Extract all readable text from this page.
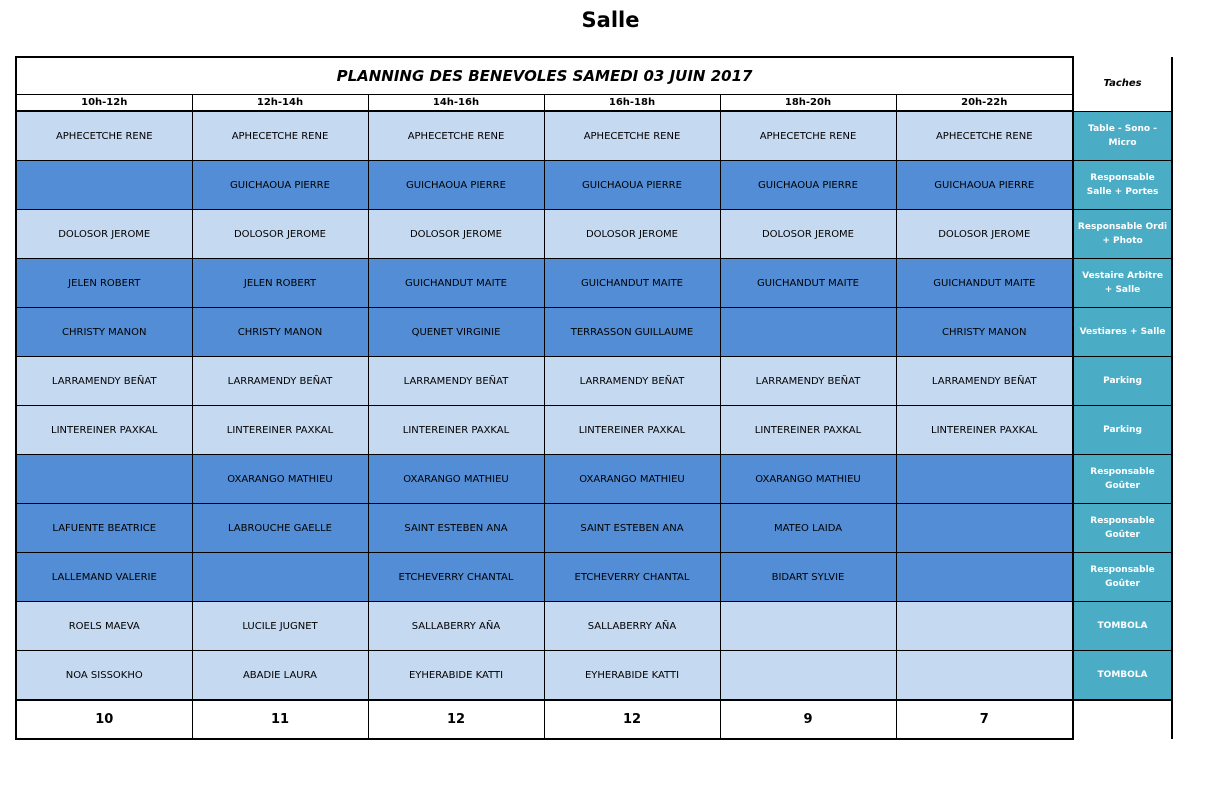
Salle
PLANNING DES BENEVOLES SAMEDI 03 JUIN 2017						Taches
10h-12h	12h-14h	14h-16h	16h-18h	18h-20h	20h-22h	
APHECETCHE RENE	APHECETCHE RENE	APHECETCHE RENE	APHECETCHE RENE	APHECETCHE RENE	APHECETCHE RENE	Table - Sono - Micro
	GUICHAOUA PIERRE	GUICHAOUA PIERRE	GUICHAOUA PIERRE	GUICHAOUA PIERRE	GUICHAOUA PIERRE	Responsable Salle + Portes
DOLOSOR JEROME	DOLOSOR JEROME	DOLOSOR JEROME	DOLOSOR JEROME	DOLOSOR JEROME	DOLOSOR JEROME	Responsable Ordi + Photo
JELEN ROBERT	JELEN ROBERT	GUICHANDUT MAITE	GUICHANDUT MAITE	GUICHANDUT MAITE	GUICHANDUT MAITE	Vestaire Arbitre + Salle
CHRISTY MANON	CHRISTY MANON	QUENET VIRGINIE	TERRASSON GUILLAUME		CHRISTY MANON	Vestiares + Salle
LARRAMENDY BEÑAT	LARRAMENDY BEÑAT	LARRAMENDY BEÑAT	LARRAMENDY BEÑAT	LARRAMENDY BEÑAT	LARRAMENDY BEÑAT	Parking
LINTEREINER PAXKAL	LINTEREINER PAXKAL	LINTEREINER PAXKAL	LINTEREINER PAXKAL	LINTEREINER PAXKAL	LINTEREINER PAXKAL	Parking
	OXARANGO MATHIEU	OXARANGO MATHIEU	OXARANGO MATHIEU	OXARANGO MATHIEU		Responsable Goûter
LAFUENTE BEATRICE	LABROUCHE GAELLE	SAINT ESTEBEN ANA	SAINT ESTEBEN ANA	MATEO LAIDA		Responsable Goûter
LALLEMAND VALERIE		ETCHEVERRY CHANTAL	ETCHEVERRY CHANTAL	BIDART SYLVIE		Responsable Goûter
ROELS MAEVA	LUCILE JUGNET	SALLABERRY AÑA	SALLABERRY AÑA			TOMBOLA
NOA SISSOKHO	ABADIE LAURA	EYHERABIDE KATTI	EYHERABIDE KATTI			TOMBOLA
10	11	12	12	9	7	
